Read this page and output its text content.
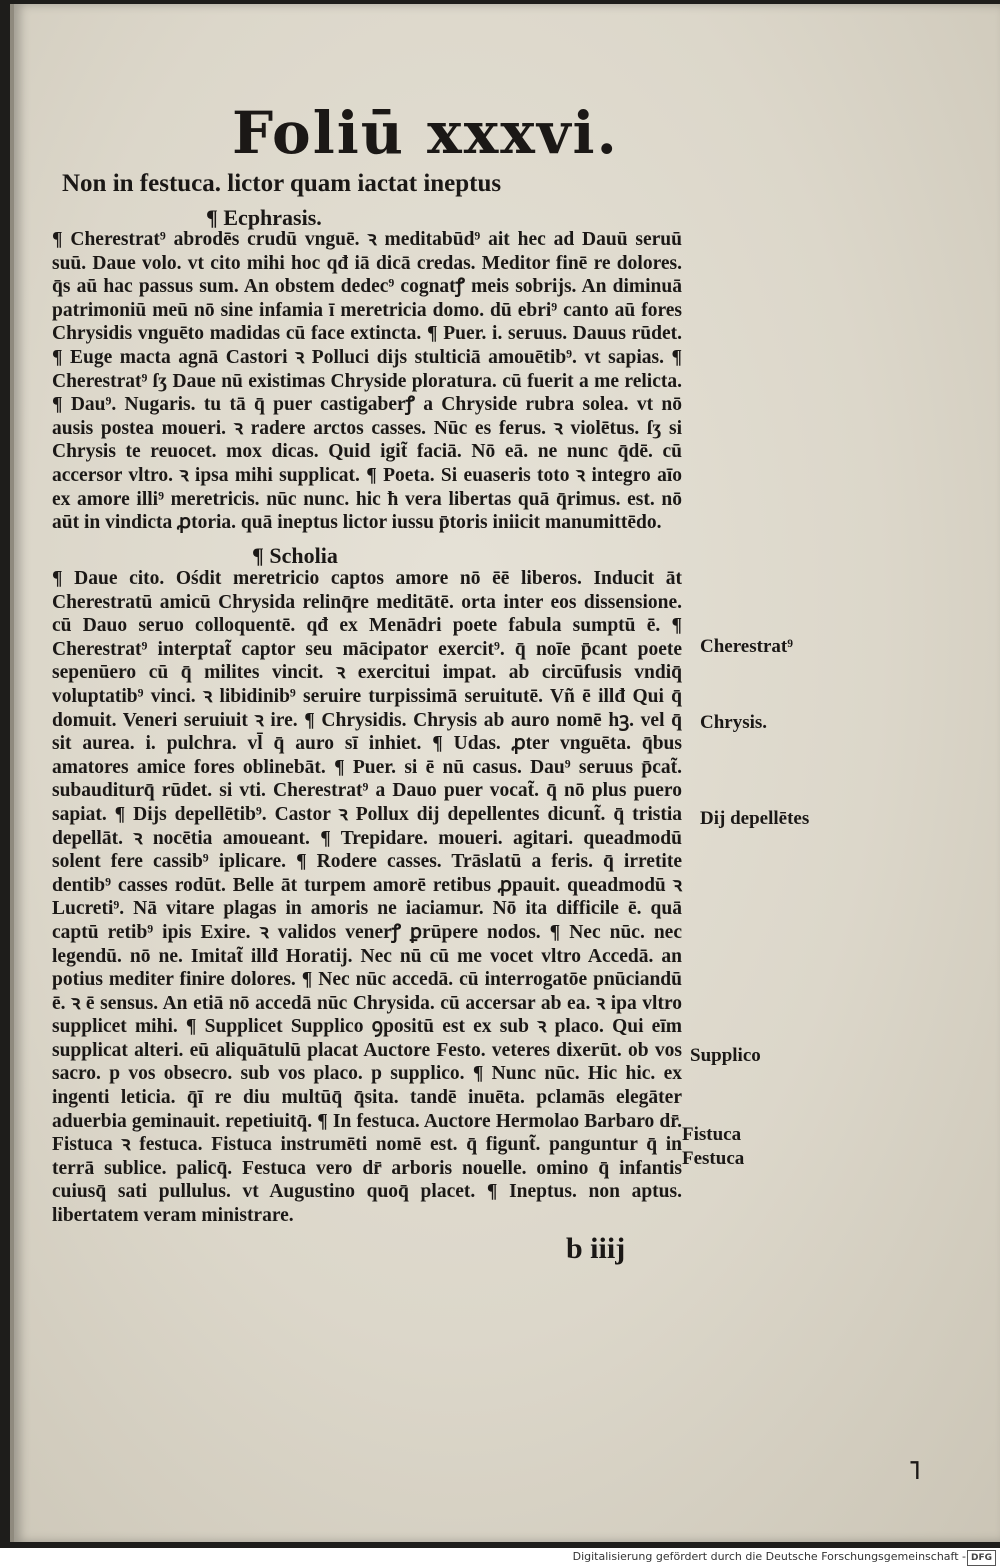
Foliū xxxvi.
Non in festuca. lictor quam iactat ineptus
¶ Ecphrasis.
¶ Cherestrat⁹ abrodēs crudū vnguē. ꝛ meditabūd⁹ ait hec ad Dauū seruū suū. Daue volo. vt cito mihi hoc qđ iā dicā credas. Meditor finē re dolores. q̄s aū hac passus sum. An obstem dedec⁹ cognatꝭ meis sobrijs. An diminuā patrimoniū meū nō sine infamia ī meretricia domo. dū ebri⁹ canto aū fores Chrysidis vnguēto madidas cū face extincta. ¶ Puer. i. seruus. Dauus rūdet. ¶ Euge macta agnā Castori ꝛ Polluci dijs stulticiā amouētib⁹. vt sapias. ¶ Cherestrat⁹ ſʒ Daue nū existimas Chryside ploratura. cū fuerit a me relicta. ¶ Dau⁹. Nugaris. tu tā q̄ puer castigaberꝭ a Chryside rubra solea. vt nō ausis postea moueri. ꝛ radere arctos casses. Nūc es ferus. ꝛ violētus. ſʒ si Chrysis te reuocet. mox dicas. Quid igit̃ faciā. Nō eā. ne nunc q̄dē. cū accersor vltro. ꝛ ipsa mihi supplicat. ¶ Poeta. Si euaseris toto ꝛ integro aīo ex amore illi⁹ meretricis. nūc nunc. hic ħ vera libertas quā q̄rimus. est. nō aūt in vindicta ꝓtoria. quā ineptus lictor iussu p̄toris iniicit manumittēdo.
¶ Scholia
¶ Daue cito. Ośdit meretricio captos amore nō ēē liberos. Inducit āt Cherestratū amicū Chrysida relinq̄re meditātē. orta inter eos dissensione. cū Dauo seruo colloquentē. qđ ex Menādri poete fabula sumptū ē. ¶ Cherestrat⁹ interptat̃ captor seu mācipator exercit⁹. q̄ noīe p̄cant poete sepenūero cū q̄ milites vincit. ꝛ exercitui impat. ab circūfusis vndiq̄ voluptatib⁹ vinci. ꝛ libidinib⁹ seruire turpissimā seruitutē. Vñ ē illđ Qui q̄ domuit. Veneri seruiuit ꝛ ire. ¶ Chrysidis. Chrysis ab auro nomē hꝫ. vel q̄ sit aurea. i. pulchra. vl̄ q̄ auro sī inhiet. ¶ Udas. ꝓter vnguēta. q̄bus amatores amice fores oblinebāt. ¶ Puer. si ē nū casus. Dau⁹ seruus p̄cat̃. subauditurq̄ rūdet. si vti. Cherestrat⁹ a Dauo puer vocat̃. q̄ nō plus puero sapiat. ¶ Dijs depellētib⁹. Castor ꝛ Pollux dij depellentes dicunt̃. q̄ tristia depellāt. ꝛ nocētia amoueant. ¶ Trepidare. moueri. agitari. queadmodū solent fere cassib⁹ iplicare. ¶ Rodere casses. Trāslatū a feris. q̄ irretite dentib⁹ casses rodūt. Belle āt turpem amorē retibus ꝓpauit. queadmodū ꝛ Lucreti⁹. Nā vitare plagas in amoris ne iaciamur. Nō ita difficile ē. quā captū retib⁹ ipis Exire. ꝛ validos venerꝭ ꝑrūpere nodos. ¶ Nec nūc. nec legendū. nō ne. Imitat̃ illđ Horatij. Nec nū cū me vocet vltro Accedā. an potius mediter finire dolores. ¶ Nec nūc accedā. cū interrogatōe pnūciandū ē. ꝛ ē sensus. An etiā nō accedā nūc Chrysida. cū accersar ab ea. ꝛ ipa vltro supplicet mihi. ¶ Supplicet Supplico ꝯpositū est ex sub ꝛ placo. Qui eīm supplicat alteri. eū aliquātulū placat Auctore Festo. veteres dixerūt. ob vos sacro. p vos obsecro. sub vos placo. p supplico. ¶ Nunc nūc. Hic hic. ex ingenti leticia. q̄ī re diu multūq̄ q̄sita. tandē inuēta. pclamās elegāter aduerbia geminauit. repetiuitq̄. ¶ In festuca. Auctore Hermolao Barbaro dr̄. Fistuca ꝛ festuca. Fistuca instrumēti nomē est. q̄ figunt̃. panguntur q̄ in terrā sublice. palicq̄. Festuca vero dr̄ arboris nouelle. omino q̄ infantis cuiusq̄ sati pullulus. vt Augustino quoq̄ placet. ¶ Ineptus. non aptus. libertatem veram ministrare.
Cherestrat⁹
Chrysis.
Dij depellētes
Supplico
Fistuca
Festuca
b iiij
˥
Digitalisierung gefördert durch die Deutsche Forschungsgemeinschaft - DFG
